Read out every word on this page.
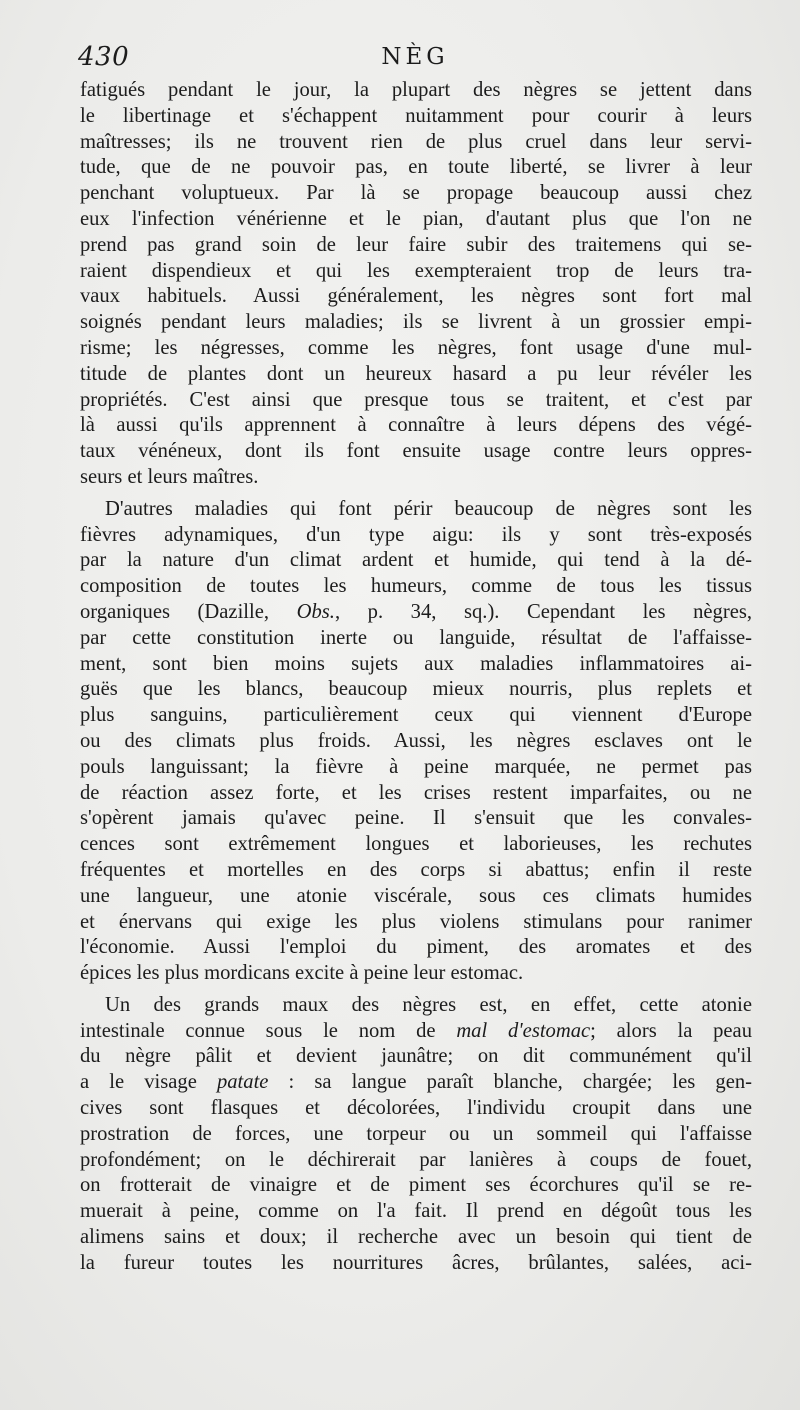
430	NÈG
fatigués pendant le jour, la plupart des nègres se jettent dans
le libertinage et s'échappent nuitamment pour courir à leurs
maîtresses; ils ne trouvent rien de plus cruel dans leur servi-
tude, que de ne pouvoir pas, en toute liberté, se livrer à leur
penchant voluptueux. Par là se propage beaucoup aussi chez
eux l'infection vénérienne et le pian, d'autant plus que l'on ne
prend pas grand soin de leur faire subir des traitemens qui se-
raient dispendieux et qui les exempteraient trop de leurs tra-
vaux habituels. Aussi généralement, les nègres sont fort mal
soignés pendant leurs maladies; ils se livrent à un grossier empi-
risme; les négresses, comme les nègres, font usage d'une mul-
titude de plantes dont un heureux hasard a pu leur révéler les
propriétés. C'est ainsi que presque tous se traitent, et c'est par
là aussi qu'ils apprennent à connaître à leurs dépens des végé-
taux vénéneux, dont ils font ensuite usage contre leurs oppres-
seurs et leurs maîtres.
D'autres maladies qui font périr beaucoup de nègres sont les
fièvres adynamiques, d'un type aigu: ils y sont très-exposés
par la nature d'un climat ardent et humide, qui tend à la dé-
composition de toutes les humeurs, comme de tous les tissus
organiques (Dazille, Obs., p. 34, sq.). Cependant les nègres,
par cette constitution inerte ou languide, résultat de l'affaisse-
ment, sont bien moins sujets aux maladies inflammatoires ai-
guës que les blancs, beaucoup mieux nourris, plus replets et
plus sanguins, particulièrement ceux qui viennent d'Europe
ou des climats plus froids. Aussi, les nègres esclaves ont le
pouls languissant; la fièvre à peine marquée, ne permet pas
de réaction assez forte, et les crises restent imparfaites, ou ne
s'opèrent jamais qu'avec peine. Il s'ensuit que les convales-
cences sont extrêmement longues et laborieuses, les rechutes
fréquentes et mortelles en des corps si abattus; enfin il reste
une langueur, une atonie viscérale, sous ces climats humides
et énervans qui exige les plus violens stimulans pour ranimer
l'économie. Aussi l'emploi du piment, des aromates et des
épices les plus mordicans excite à peine leur estomac.
Un des grands maux des nègres est, en effet, cette atonie
intestinale connue sous le nom de mal d'estomac; alors la peau
du nègre pâlit et devient jaunâtre; on dit communément qu'il
a le visage patate : sa langue paraît blanche, chargée; les gen-
cives sont flasques et décolorées, l'individu croupit dans une
prostration de forces, une torpeur ou un sommeil qui l'affaisse
profondément; on le déchirerait par lanières à coups de fouet,
on frotterait de vinaigre et de piment ses écorchures qu'il se re-
muerait à peine, comme on l'a fait. Il prend en dégoût tous les
alimens sains et doux; il recherche avec un besoin qui tient de
la fureur toutes les nourritures âcres, brûlantes, salées, aci-
